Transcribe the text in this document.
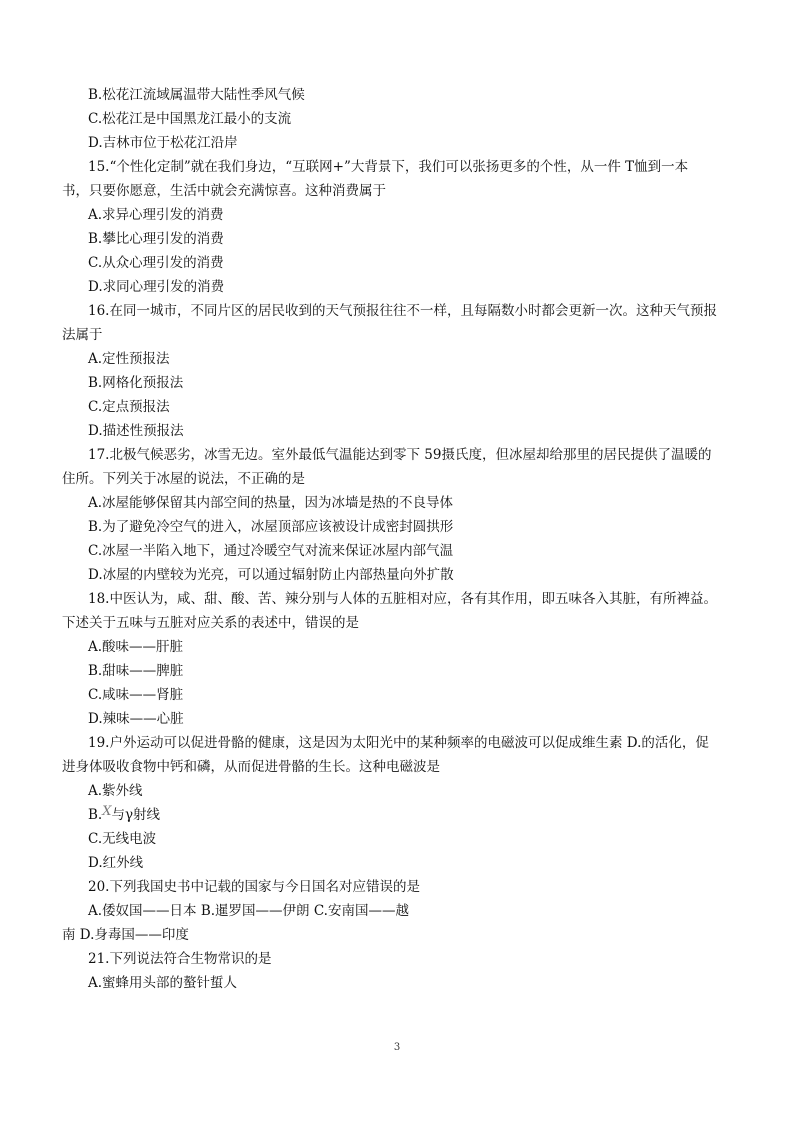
B.松花江流域属温带大陆性季风气候
C.松花江是中国黑龙江最小的支流
D.吉林市位于松花江沿岸
15.“个性化定制”就在我们身边，“互联网+”大背景下，我们可以张扬更多的个性，从一件 T恤到一本
书，只要你愿意，生活中就会充满惊喜。这种消费属于
A.求异心理引发的消费
B.攀比心理引发的消费
C.从众心理引发的消费
D.求同心理引发的消费
16.在同一城市，不同片区的居民收到的天气预报往往不一样，且每隔数小时都会更新一次。这种天气预报
法属于
A.定性预报法
B.网格化预报法
C.定点预报法
D.描述性预报法
17.北极气候恶劣，冰雪无边。室外最低气温能达到零下 59摄氏度，但冰屋却给那里的居民提供了温暖的
住所。下列关于冰屋的说法，不正确的是
A.冰屋能够保留其内部空间的热量，因为冰墙是热的不良导体
B.为了避免冷空气的进入，冰屋顶部应该被设计成密封圆拱形
C.冰屋一半陷入地下，通过冷暖空气对流来保证冰屋内部气温
D.冰屋的内壁较为光亮，可以通过辐射防止内部热量向外扩散
18.中医认为，咸、甜、酸、苦、辣分别与人体的五脏相对应，各有其作用，即五味各入其脏，有所裨益。
下述关于五味与五脏对应关系的表述中，错误的是
A.酸味——肝脏
B.甜味——脾脏
C.咸味——肾脏
D.辣味——心脏
19.户外运动可以促进骨骼的健康，这是因为太阳光中的某种频率的电磁波可以促成维生素 D.的活化，促
进身体吸收食物中钙和磷，从而促进骨骼的生长。这种电磁波是
A.紫外线
B.X与γ射线
C.无线电波
D.红外线
20.下列我国史书中记载的国家与今日国名对应错误的是
A.倭奴国——日本 B.暹罗国——伊朗 C.安南国——越
南 D.身毒国——印度
21.下列说法符合生物常识的是
A.蜜蜂用头部的螯针蜇人
3
